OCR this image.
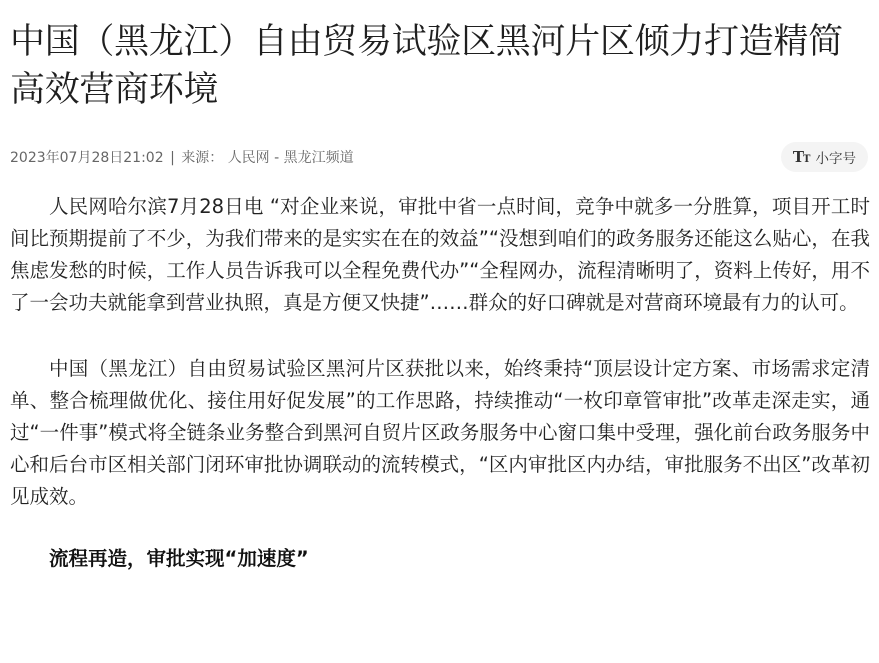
中国（黑龙江）自由贸易试验区黑河片区倾力打造精简高效营商环境
2023年07月28日21:02 | 来源： 人民网 - 黑龙江频道	TT 小字号

人民网哈尔滨7月28日电 “对企业来说，审批中省一点时间，竞争中就多一分胜算，项目开工时间比预期提前了不少，为我们带来的是实实在在的效益”“没想到咱们的政务服务还能这么贴心，在我焦虑发愁的时候，工作人员告诉我可以全程免费代办”“全程网办，流程清晰明了，资料上传好，用不了一会功夫就能拿到营业执照，真是方便又快捷”……群众的好口碑就是对营商环境最有力的认可。

中国（黑龙江）自由贸易试验区黑河片区获批以来，始终秉持“顶层设计定方案、市场需求定清单、整合梳理做优化、接住用好促发展”的工作思路，持续推动“一枚印章管审批”改革走深走实，通过“一件事”模式将全链条业务整合到黑河自贸片区政务服务中心窗口集中受理，强化前台政务服务中心和后台市区相关部门闭环审批协调联动的流转模式，“区内审批区内办结，审批服务不出区”改革初见成效。

流程再造，审批实现“加速度”
